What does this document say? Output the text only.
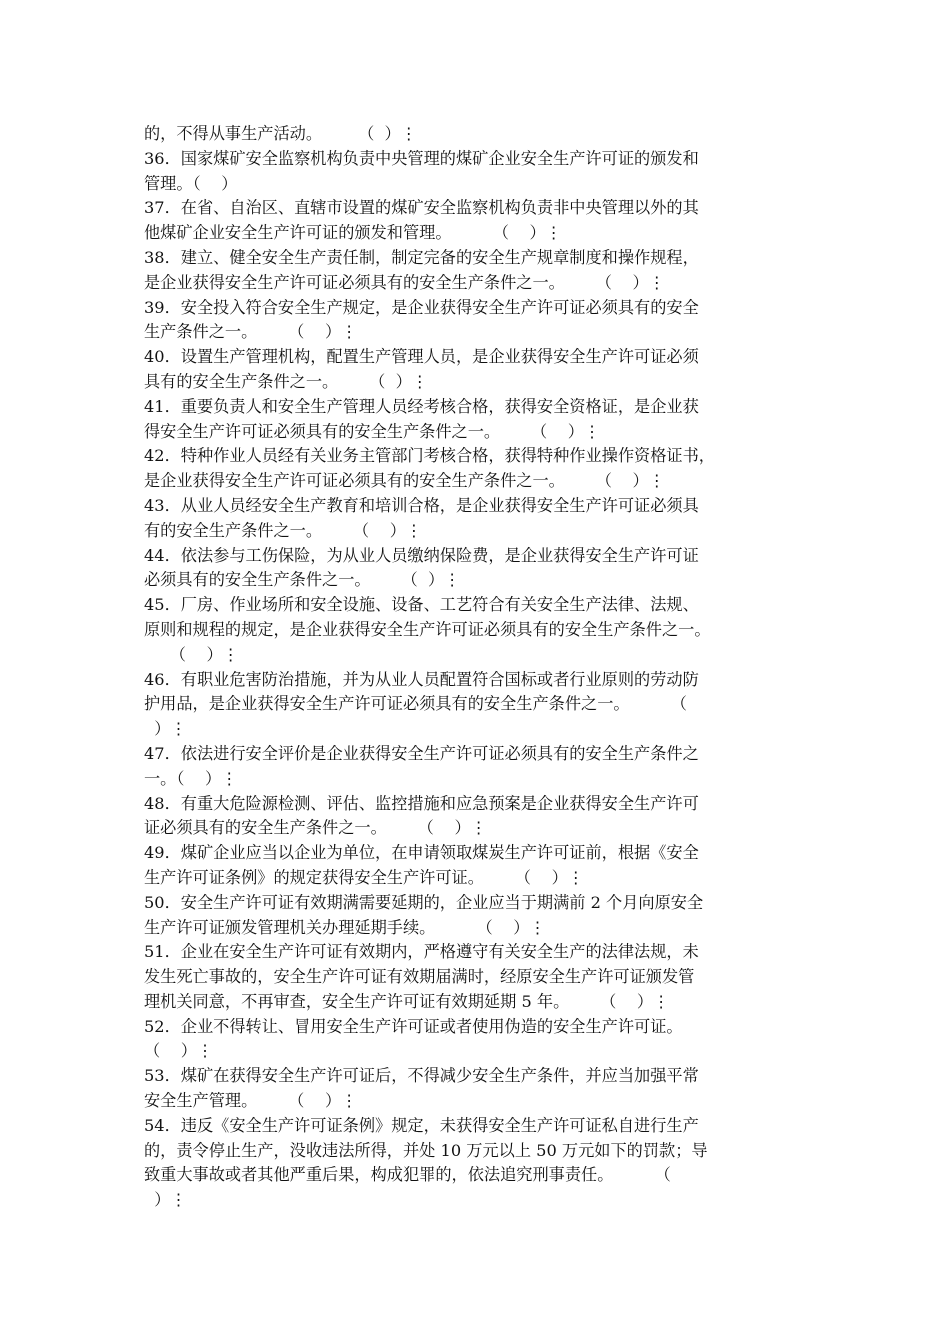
的，不得从事生产活动。       （  ）⋮
36．国家煤矿安全监察机构负责中央管理的煤矿企业安全生产许可证的颁发和
管理。（    ）
37．在省、自治区、直辖市设置的煤矿安全监察机构负责非中央管理以外的其
他煤矿企业安全生产许可证的颁发和管理。        （    ）⋮
38．建立、健全安全生产责任制，制定完备的安全生产规章制度和操作规程，
是企业获得安全生产许可证必须具有的安全生产条件之一。      （    ）⋮
39．安全投入符合安全生产规定，是企业获得安全生产许可证必须具有的安全
生产条件之一。      （    ）⋮
40．设置生产管理机构，配置生产管理人员，是企业获得安全生产许可证必须
具有的安全生产条件之一。      （  ）⋮
41．重要负责人和安全生产管理人员经考核合格，获得安全资格证，是企业获
得安全生产许可证必须具有的安全生产条件之一。      （    ）⋮
42．特种作业人员经有关业务主管部门考核合格，获得特种作业操作资格证书，
是企业获得安全生产许可证必须具有的安全生产条件之一。      （    ）⋮
43．从业人员经安全生产教育和培训合格，是企业获得安全生产许可证必须具
有的安全生产条件之一。      （    ）⋮
44．依法参与工伤保险，为从业人员缴纳保险费，是企业获得安全生产许可证
必须具有的安全生产条件之一。      （  ）⋮
45．厂房、作业场所和安全设施、设备、工艺符合有关安全生产法律、法规、
原则和规程的规定，是企业获得安全生产许可证必须具有的安全生产条件之一。
（    ）⋮
46．有职业危害防治措施，并为从业人员配置符合国标或者行业原则的劳动防
护用品，是企业获得安全生产许可证必须具有的安全生产条件之一。        （
）⋮
47．依法进行安全评价是企业获得安全生产许可证必须具有的安全生产条件之
一。（    ）⋮
48．有重大危险源检测、评估、监控措施和应急预案是企业获得安全生产许可
证必须具有的安全生产条件之一。      （    ）⋮
49．煤矿企业应当以企业为单位，在申请领取煤炭生产许可证前，根据《安全
生产许可证条例》的规定获得安全生产许可证。      （    ）⋮
50．安全生产许可证有效期满需要延期的，企业应当于期满前 2 个月向原安全
生产许可证颁发管理机关办理延期手续。        （    ）⋮
51．企业在安全生产许可证有效期内，严格遵守有关安全生产的法律法规，未
发生死亡事故的，安全生产许可证有效期届满时，经原安全生产许可证颁发管
理机关同意，不再审查，安全生产许可证有效期延期 5 年。      （    ）⋮
52．企业不得转让、冒用安全生产许可证或者使用伪造的安全生产许可证。
（    ）⋮
53．煤矿在获得安全生产许可证后，不得减少安全生产条件，并应当加强平常
安全生产管理。      （    ）⋮
54．违反《安全生产许可证条例》规定，未获得安全生产许可证私自进行生产
的，责令停止生产，没收违法所得，并处 10 万元以上 50 万元如下的罚款；导
致重大事故或者其他严重后果，构成犯罪的，依法追究刑事责任。        （
）⋮
